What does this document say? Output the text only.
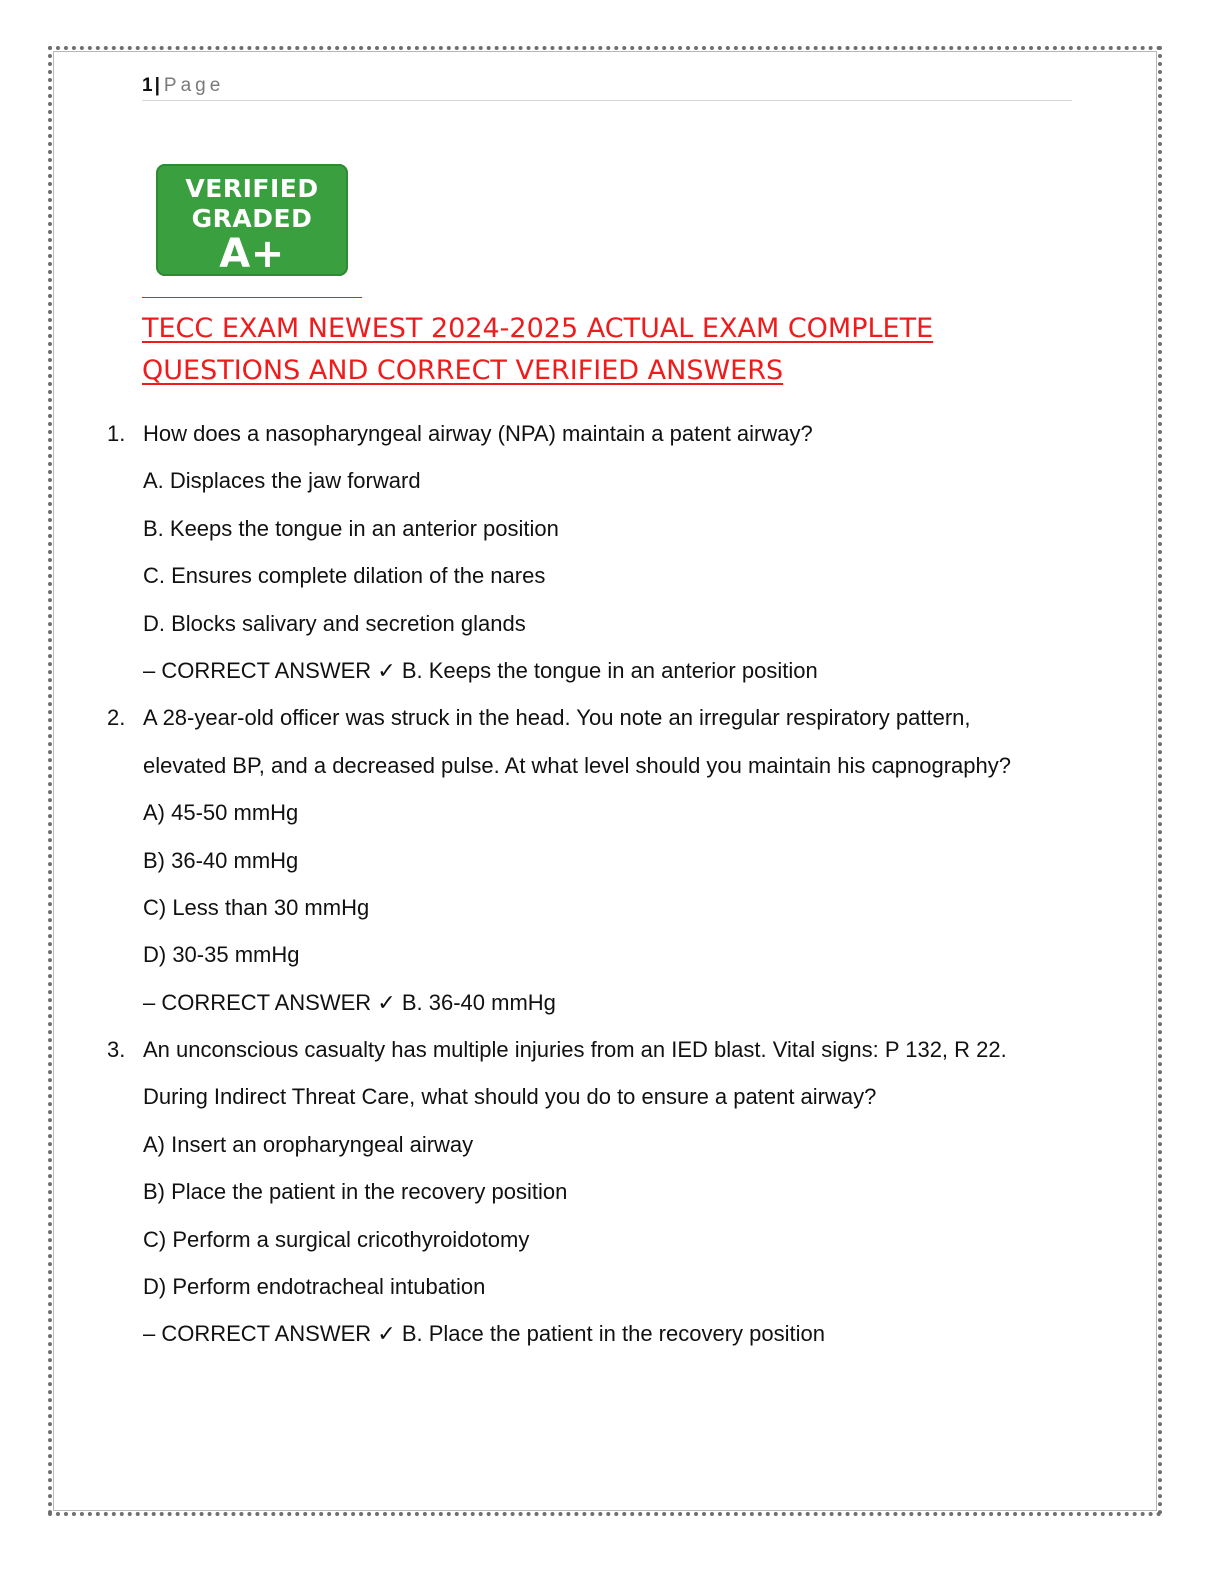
1 | Page
VERIFIED
GRADED
A+
TECC EXAM NEWEST 2024-2025 ACTUAL EXAM COMPLETE
QUESTIONS AND CORRECT VERIFIED ANSWERS
1. How does a nasopharyngeal airway (NPA) maintain a patent airway?
A. Displaces the jaw forward
B. Keeps the tongue in an anterior position
C. Ensures complete dilation of the nares
D. Blocks salivary and secretion glands
– CORRECT ANSWER ✓ B. Keeps the tongue in an anterior position
2. A 28-year-old officer was struck in the head. You note an irregular respiratory pattern,
elevated BP, and a decreased pulse. At what level should you maintain his capnography?
A) 45-50 mmHg
B) 36-40 mmHg
C) Less than 30 mmHg
D) 30-35 mmHg
– CORRECT ANSWER ✓ B. 36-40 mmHg
3. An unconscious casualty has multiple injuries from an IED blast. Vital signs: P 132, R 22.
During Indirect Threat Care, what should you do to ensure a patent airway?
A) Insert an oropharyngeal airway
B) Place the patient in the recovery position
C) Perform a surgical cricothyroidotomy
D) Perform endotracheal intubation
– CORRECT ANSWER ✓ B. Place the patient in the recovery position
